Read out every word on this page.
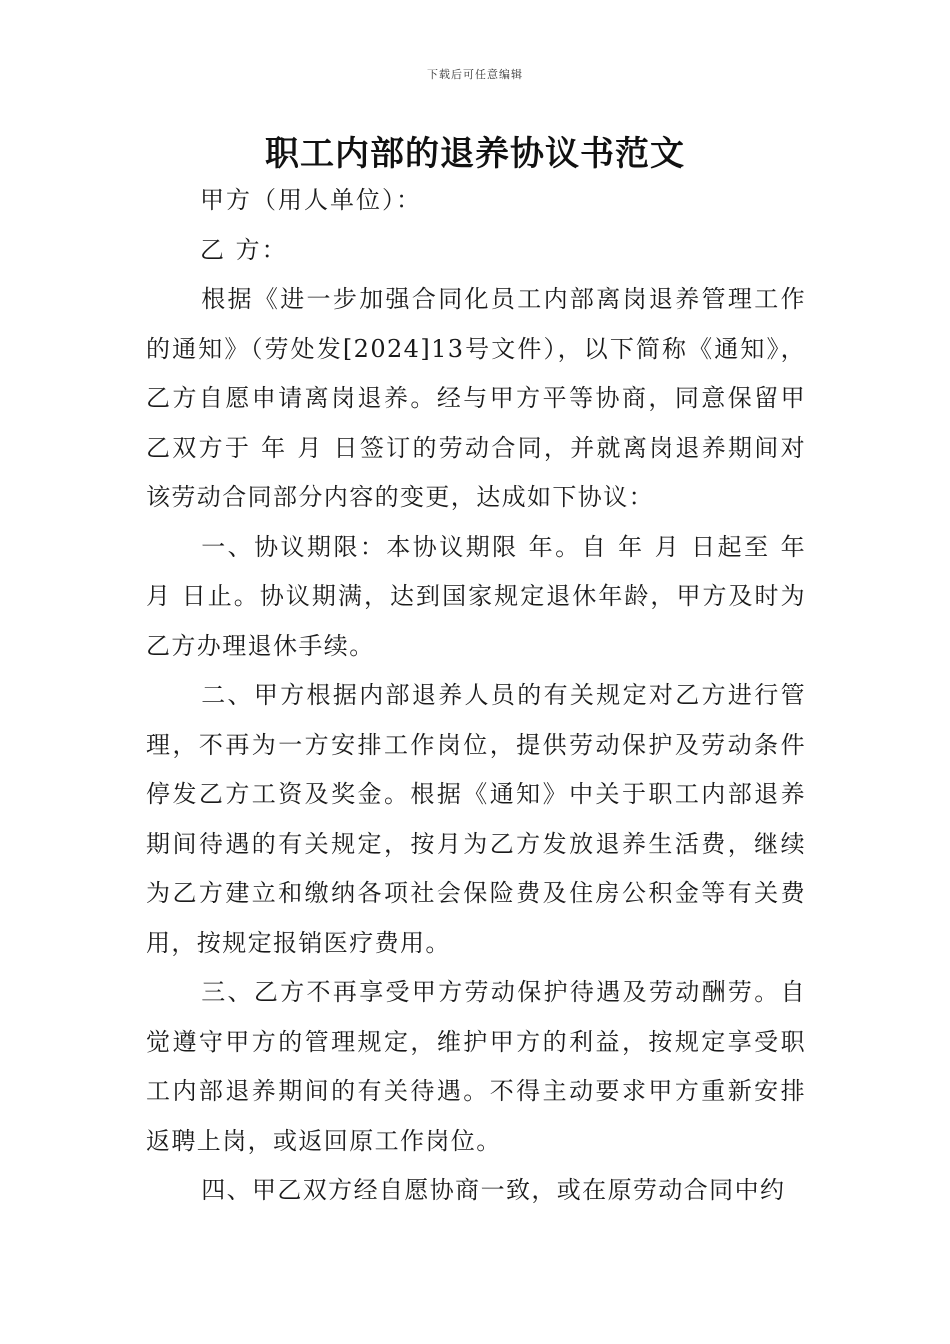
下载后可任意编辑
职工内部的退养协议书范文
甲方（用人单位）：
乙 方：

根据《进一步加强合同化员工内部离岗退养管理工作的通知》（劳处发[2024]13号文件），以下简称《通知》，乙方自愿申请离岗退养。经与甲方平等协商，同意保留甲乙双方于 年 月 日签订的劳动合同，并就离岗退养期间对该劳动合同部分内容的变更，达成如下协议：

一、协议期限：本协议期限 年。自 年 月 日起至 年 月 日止。协议期满，达到国家规定退休年龄，甲方及时为乙方办理退休手续。

二、甲方根据内部退养人员的有关规定对乙方进行管理，不再为一方安排工作岗位，提供劳动保护及劳动条件停发乙方工资及奖金。根据《通知》中关于职工内部退养期间待遇的有关规定，按月为乙方发放退养生活费，继续为乙方建立和缴纳各项社会保险费及住房公积金等有关费用，按规定报销医疗费用。

三、乙方不再享受甲方劳动保护待遇及劳动酬劳。自觉遵守甲方的管理规定，维护甲方的利益，按规定享受职工内部退养期间的有关待遇。不得主动要求甲方重新安排返聘上岗，或返回原工作岗位。

四、甲乙双方经自愿协商一致，或在原劳动合同中约
